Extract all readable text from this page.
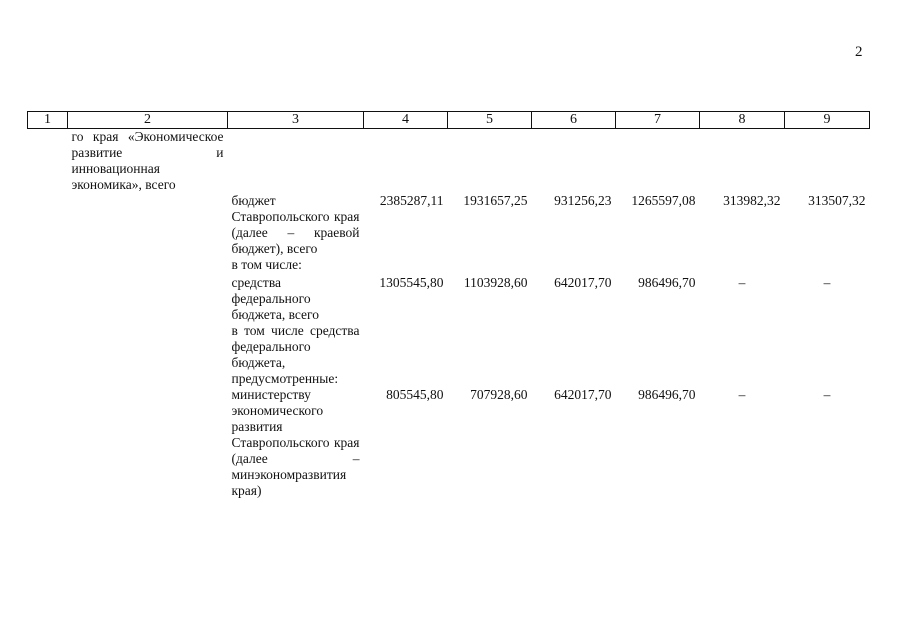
2
1	2	3	4	5	6	7	8	9
	го края «Экономическое развитие и инновационная экономика», всего							
		бюджет Ставропольского края (далее – краевой бюджет), всего	2385287,11	1931657,25	931256,23	1265597,08	313982,32	313507,32
		в том числе:						
		средства федерального бюджета, всего	1305545,80	1103928,60	642017,70	986496,70	–	–
		в том числе средства федерального бюджета, предусмотренные:						
		министерству экономического развития Ставропольского края (далее – минэкономразвития края)	805545,80	707928,60	642017,70	986496,70	–	–
